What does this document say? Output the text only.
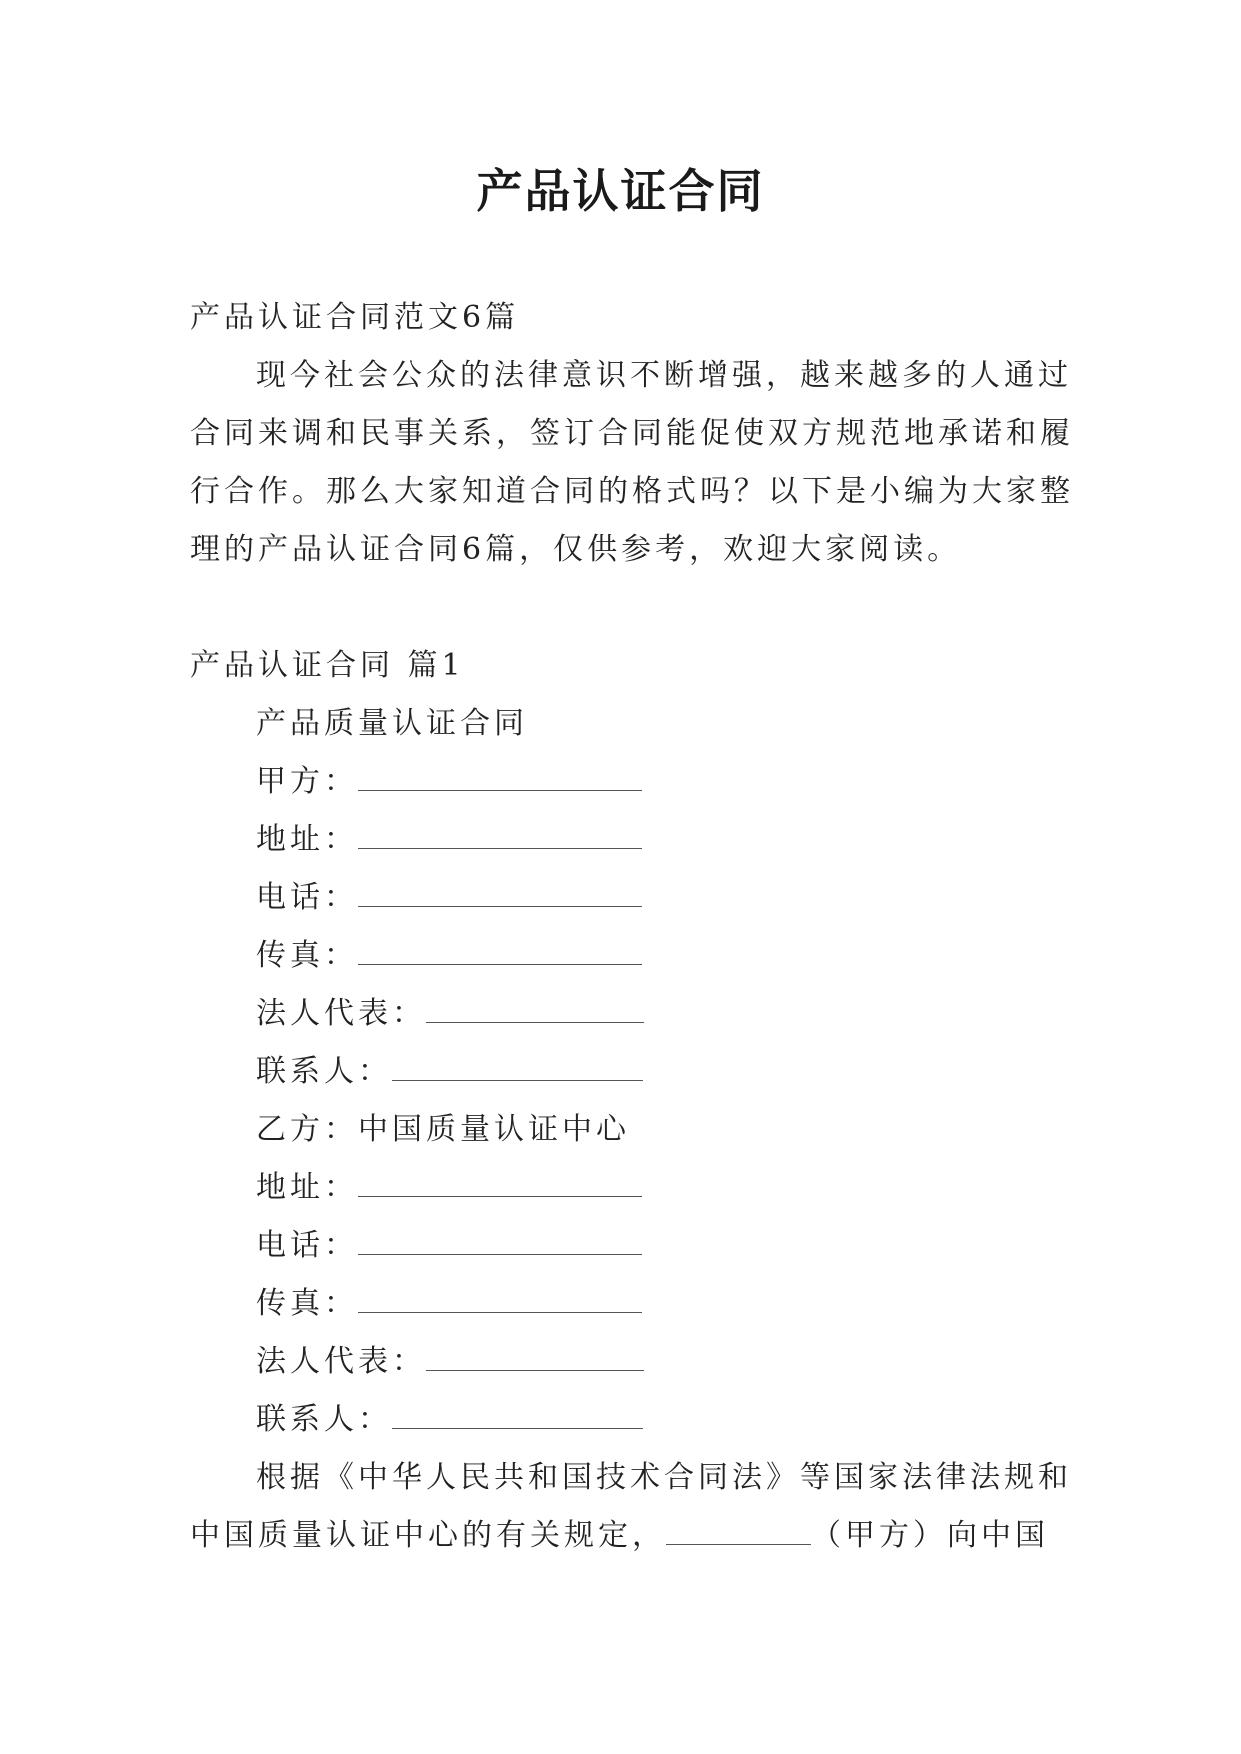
产品认证合同
产品认证合同范文6篇
现今社会公众的法律意识不断增强，越来越多的人通过
合同来调和民事关系，签订合同能促使双方规范地承诺和履
行合作。那么大家知道合同的格式吗？以下是小编为大家整
理的产品认证合同6篇，仅供参考，欢迎大家阅读。
产品认证合同 篇1
产品质量认证合同
甲方：
地址：
电话：
传真：
法人代表：
联系人：
乙方：中国质量认证中心
地址：
电话：
传真：
法人代表：
联系人：
根据《中华人民共和国技术合同法》等国家法律法规和
中国质量认证中心的有关规定，	（甲方）向中国
